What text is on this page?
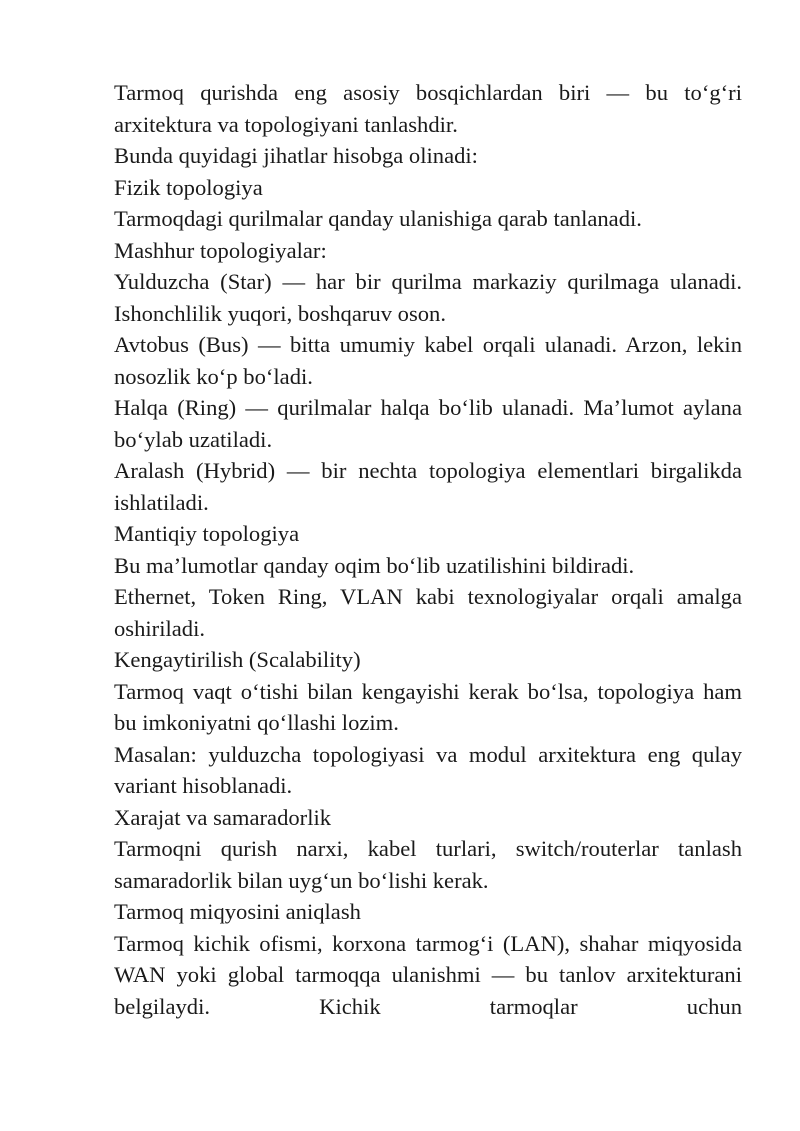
Tarmoq qurishda eng asosiy bosqichlardan biri — bu to‘g‘ri arxitektura va topologiyani tanlashdir.

Bunda quyidagi jihatlar hisobga olinadi:

Fizik topologiya

Tarmoqdagi qurilmalar qanday ulanishiga qarab tanlanadi.

Mashhur topologiyalar:

Yulduzcha (Star) — har bir qurilma markaziy qurilmaga ulanadi. Ishonchlilik yuqori, boshqaruv oson.

Avtobus (Bus) — bitta umumiy kabel orqali ulanadi. Arzon, lekin nosozlik ko‘p bo‘ladi.

Halqa (Ring) — qurilmalar halqa bo‘lib ulanadi. Ma’lumot aylana bo‘ylab uzatiladi.

Aralash (Hybrid) — bir nechta topologiya elementlari birgalikda ishlatiladi.

Mantiqiy topologiya

Bu ma’lumotlar qanday oqim bo‘lib uzatilishini bildiradi.

Ethernet, Token Ring, VLAN kabi texnologiyalar orqali amalga oshiriladi.

Kengaytirilish (Scalability)

Tarmoq vaqt o‘tishi bilan kengayishi kerak bo‘lsa, topologiya ham bu imkoniyatni qo‘llashi lozim.

Masalan: yulduzcha topologiyasi va modul arxitektura eng qulay variant hisoblanadi.

Xarajat va samaradorlik

Tarmoqni qurish narxi, kabel turlari, switch/routerlar tanlash samaradorlik bilan uyg‘un bo‘lishi kerak.

Tarmoq miqyosini aniqlash

Tarmoq kichik ofismi, korxona tarmog‘i (LAN), shahar miqyosida WAN yoki global tarmoqqa ulanishmi — bu tanlov arxitekturani belgilaydi. Kichik tarmoqlar uchun
